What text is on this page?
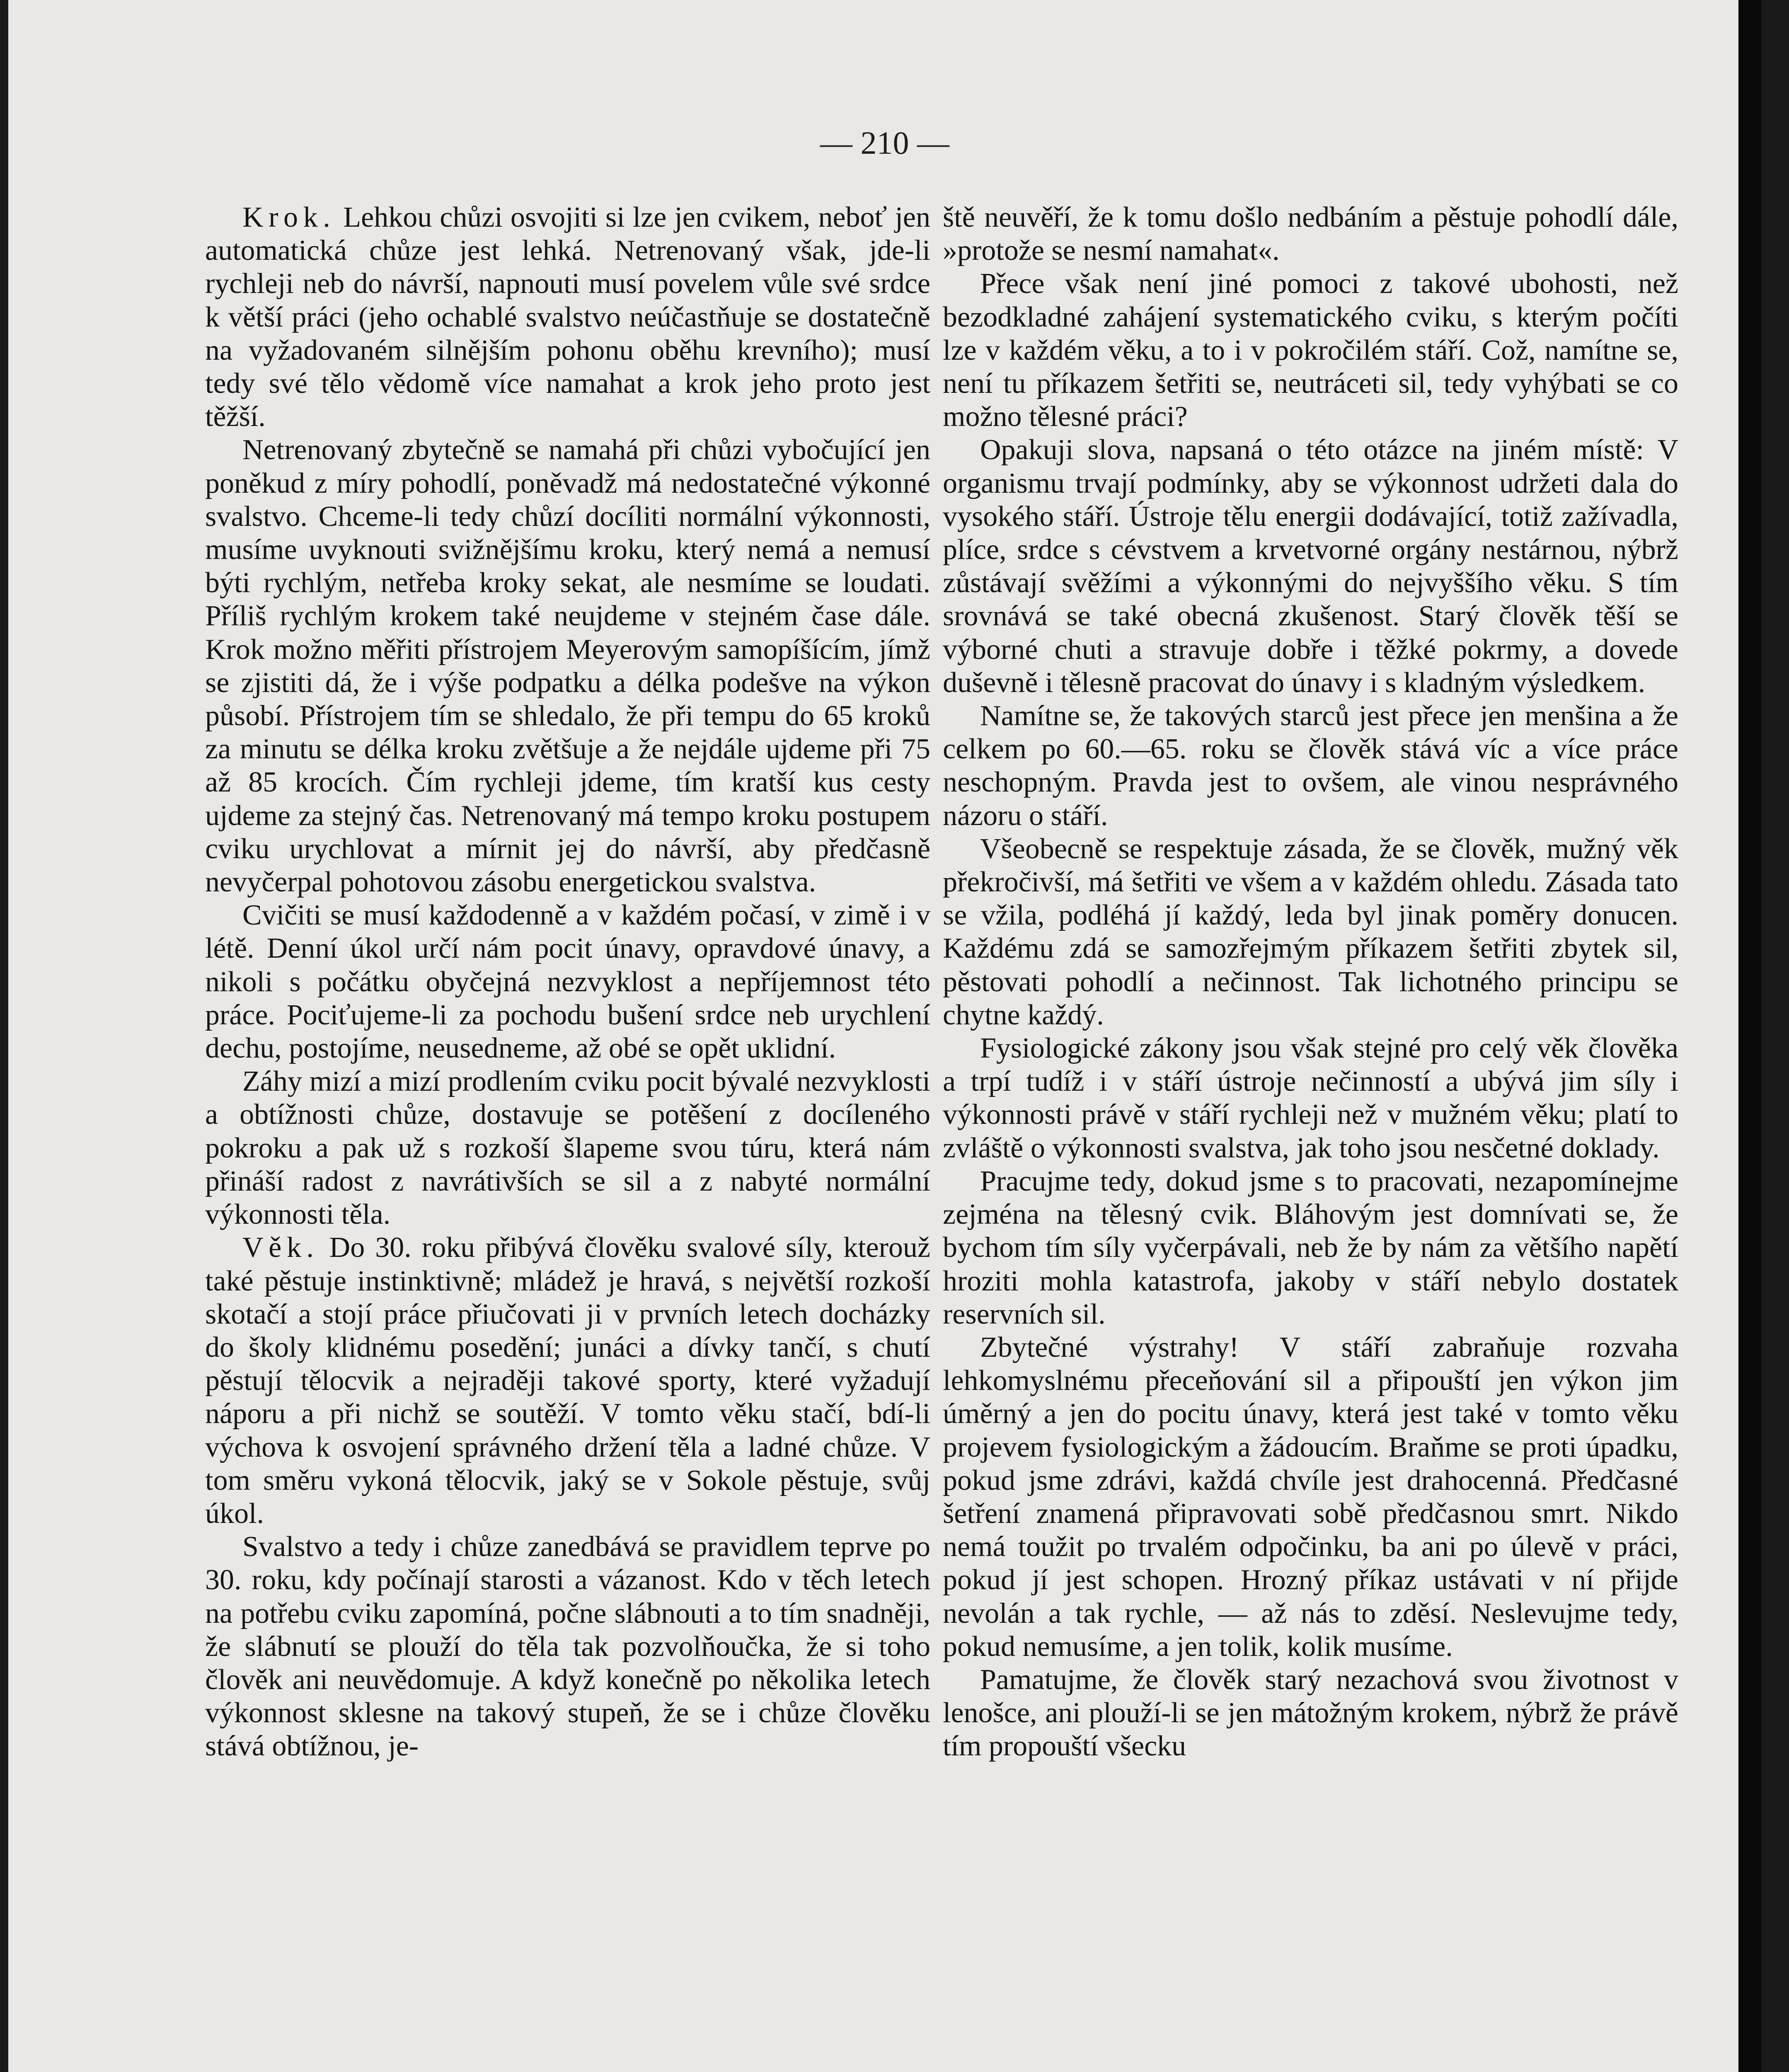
— 210 —

Krok. Lehkou chůzi osvojiti si lze jen cvikem, neboť jen automatická chůze jest lehká. Netrenovaný však, jde-li rychleji neb do návrší, napnouti musí povelem vůle své srdce k větší práci (jeho ochablé svalstvo neúčastňuje se dostatečně na vyžadovaném silnějším pohonu oběhu krevního); musí tedy své tělo vědomě více namahat a krok jeho proto jest těžší.

Netrenovaný zbytečně se namahá při chůzi vybočující jen poněkud z míry pohodlí, poněvadž má nedostatečné výkonné svalstvo. Chceme-li tedy chůzí docíliti normální výkonnosti, musíme uvyknouti svižnějšímu kroku, který nemá a nemusí býti rychlým, netřeba kroky sekat, ale nesmíme se loudati. Příliš rychlým krokem také neujdeme v stejném čase dále. Krok možno měřiti přístrojem Meyerovým samopíšícím, jímž se zjistiti dá, že i výše podpatku a délka podešve na výkon působí. Přístrojem tím se shledalo, že při tempu do 65 kroků za minutu se délka kroku zvětšuje a že nejdále ujdeme při 75 až 85 krocích. Čím rychleji jdeme, tím kratší kus cesty ujdeme za stejný čas. Netrenovaný má tempo kroku postupem cviku urychlovat a mírnit jej do návrší, aby předčasně nevyčerpal pohotovou zásobu energetickou svalstva.

Cvičiti se musí každodenně a v každém počasí, v zimě i v létě. Denní úkol určí nám pocit únavy, opravdové únavy, a nikoli s počátku obyčejná nezvyklost a nepříjemnost této práce. Pociťujeme-li za pochodu bušení srdce neb urychlení dechu, postojíme, neusedneme, až obé se opět uklidní.

Záhy mizí a mizí prodlením cviku pocit bývalé nezvyklosti a obtížnosti chůze, dostavuje se potěšení z docíleného pokroku a pak už s rozkoší šlapeme svou túru, která nám přináší radost z navrátivších se sil a z nabyté normální výkonnosti těla.

Věk. Do 30. roku přibývá člověku svalové síly, kterouž také pěstuje instinktivně; mládež je hravá, s největší rozkoší skotačí a stojí práce přiučovati ji v prvních letech docházky do školy klidnému posedění; junáci a dívky tančí, s chutí pěstují tělocvik a nejraději takové sporty, které vyžadují náporu a při nichž se soutěží. V tomto věku stačí, bdí-li výchova k osvojení správného držení těla a ladné chůze. V tom směru vykoná tělocvik, jaký se v Sokole pěstuje, svůj úkol.

Svalstvo a tedy i chůze zanedbává se pravidlem teprve po 30. roku, kdy počínají starosti a vázanost. Kdo v těch letech na potřebu cviku zapomíná, počne slábnouti a to tím snadněji, že slábnutí se plouží do těla tak pozvolňoučka, že si toho člověk ani neuvědomuje. A když konečně po několika letech výkonnost sklesne na takový stupeň, že se i chůze člověku stává obtížnou, je-

ště neuvěří, že k tomu došlo nedbáním a pěstuje pohodlí dále, »protože se nesmí namahat«.

Přece však není jiné pomoci z takové ubohosti, než bezodkladné zahájení systematického cviku, s kterým počíti lze v každém věku, a to i v pokročilém stáří. Což, namítne se, není tu příkazem šetřiti se, neutráceti sil, tedy vyhýbati se co možno tělesné práci?

Opakuji slova, napsaná o této otázce na jiném místě: V organismu trvají podmínky, aby se výkonnost udržeti dala do vysokého stáří. Ústroje tělu energii dodávající, totiž zažívadla, plíce, srdce s cévstvem a krvetvorné orgány nestárnou, nýbrž zůstávají svěžími a výkonnými do nejvyššího věku. S tím srovnává se také obecná zkušenost. Starý člověk těší se výborné chuti a stravuje dobře i těžké pokrmy, a dovede duševně i tělesně pracovat do únavy i s kladným výsledkem.

Namítne se, že takových starců jest přece jen menšina a že celkem po 60.—65. roku se člověk stává víc a více práce neschopným. Pravda jest to ovšem, ale vinou nesprávného názoru o stáří.

Všeobecně se respektuje zásada, že se člověk, mužný věk překročivší, má šetřiti ve všem a v každém ohledu. Zásada tato se vžila, podléhá jí každý, leda byl jinak poměry donucen. Každému zdá se samozřejmým příkazem šetřiti zbytek sil, pěstovati pohodlí a nečinnost. Tak lichotného principu se chytne každý.

Fysiologické zákony jsou však stejné pro celý věk člověka a trpí tudíž i v stáří ústroje nečinností a ubývá jim síly i výkonnosti právě v stáří rychleji než v mužném věku; platí to zvláště o výkonnosti svalstva, jak toho jsou nesčetné doklady.

Pracujme tedy, dokud jsme s to pracovati, nezapomínejme zejména na tělesný cvik. Bláhovým jest domnívati se, že bychom tím síly vyčerpávali, neb že by nám za většího napětí hroziti mohla katastrofa, jakoby v stáří nebylo dostatek reservních sil.

Zbytečné výstrahy! V stáří zabraňuje rozvaha lehkomyslnému přeceňování sil a připouští jen výkon jim úměrný a jen do pocitu únavy, která jest také v tomto věku projevem fysiologickým a žádoucím. Braňme se proti úpadku, pokud jsme zdrávi, každá chvíle jest drahocenná. Předčasné šetření znamená připravovati sobě předčasnou smrt. Nikdo nemá toužit po trvalém odpočinku, ba ani po úlevě v práci, pokud jí jest schopen. Hrozný příkaz ustávati v ní přijde nevolán a tak rychle, — až nás to zděsí. Neslevujme tedy, pokud nemusíme, a jen tolik, kolik musíme.

Pamatujme, že člověk starý nezachová svou životnost v lenošce, ani plouží-li se jen mátožným krokem, nýbrž že právě tím propouští všecku
